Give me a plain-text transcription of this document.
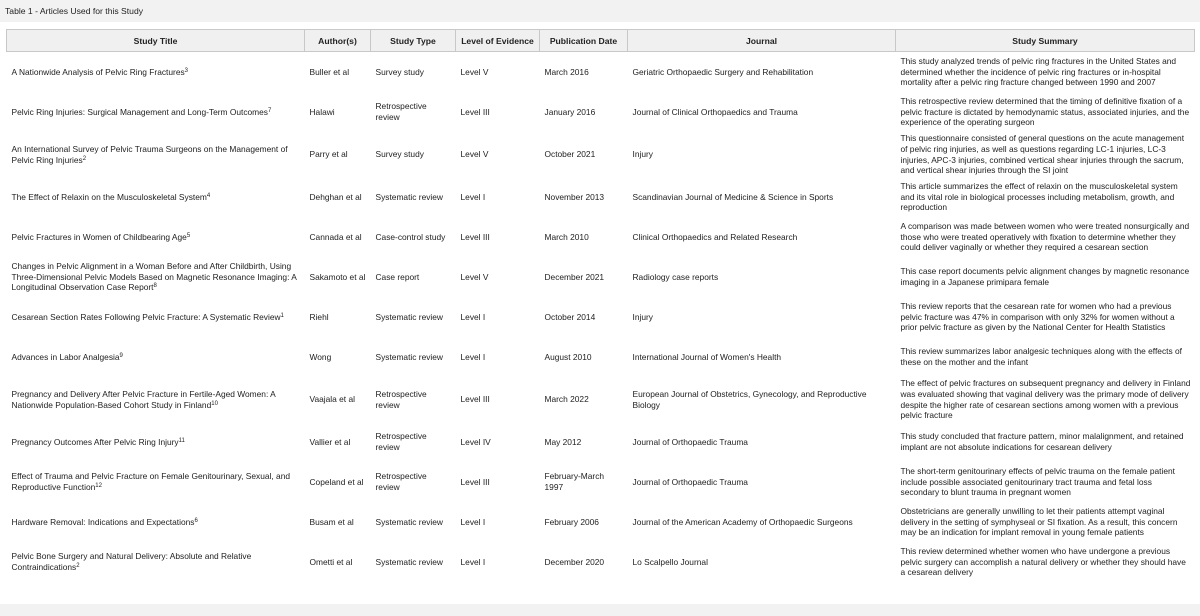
Table 1 - Articles Used for this Study
Study Title	Author(s)	Study Type	Level of Evidence	Publication Date	Journal	Study Summary
A Nationwide Analysis of Pelvic Ring Fractures$^3$	Buller et al	Survey study	Level V	March 2016	Geriatric Orthopaedic Surgery and Rehabilitation	This study analyzed trends of pelvic ring fractures in the United States and determined whether the incidence of pelvic ring fractures or in-hospital mortality after a pelvic ring fracture changed between 1990 and 2007
Pelvic Ring Injuries: Surgical Management and Long-Term Outcomes$^7$	Halawi	Retrospective review	Level III	January 2016	Journal of Clinical Orthopaedics and Trauma	This retrospective review determined that the timing of definitive fixation of a pelvic fracture is dictated by hemodynamic status, associated injuries, and the experience of the operating surgeon
An International Survey of Pelvic Trauma Surgeons on the Management of Pelvic Ring Injuries$^2$	Parry et al	Survey study	Level V	October 2021	Injury	This questionnaire consisted of general questions on the acute management of pelvic ring injuries, as well as questions regarding LC-1 injuries, LC-3 injuries, APC-3 injuries, combined vertical shear injuries through the sacrum, and vertical shear injuries through the SI joint
The Effect of Relaxin on the Musculoskeletal System$^4$	Dehghan et al	Systematic review	Level I	November 2013	Scandinavian Journal of Medicine & Science in Sports	This article summarizes the effect of relaxin on the musculoskeletal system and its vital role in biological processes including metabolism, growth, and reproduction
Pelvic Fractures in Women of Childbearing Age$^5$	Cannada et al	Case-control study	Level III	March 2010	Clinical Orthopaedics and Related Research	A comparison was made between women who were treated nonsurgically and those who were treated operatively with fixation to determine whether they could deliver vaginally or whether they required a cesarean section
Changes in Pelvic Alignment in a Woman Before and After Childbirth, Using Three-Dimensional Pelvic Models Based on Magnetic Resonance Imaging: A Longitudinal Observation Case Report$^8$	Sakamoto et al	Case report	Level V	December 2021	Radiology case reports	This case report documents pelvic alignment changes by magnetic resonance imaging in a Japanese primipara female
Cesarean Section Rates Following Pelvic Fracture: A Systematic Review$^1$	Riehl	Systematic review	Level I	October 2014	Injury	This review reports that the cesarean rate for women who had a previous pelvic fracture was 47% in comparison with only 32% for women without a prior pelvic fracture as given by the National Center for Health Statistics
Advances in Labor Analgesia$^9$	Wong	Systematic review	Level I	August 2010	International Journal of Women's Health	This review summarizes labor analgesic techniques along with the effects of these on the mother and the infant
Pregnancy and Delivery After Pelvic Fracture in Fertile-Aged Women: A Nationwide Population-Based Cohort Study in Finland$^{10}$	Vaajala et al	Retrospective review	Level III	March 2022	European Journal of Obstetrics, Gynecology, and Reproductive Biology	The effect of pelvic fractures on subsequent pregnancy and delivery in Finland was evaluated showing that vaginal delivery was the primary mode of delivery despite the higher rate of cesarean sections among women with a previous pelvic fracture
Pregnancy Outcomes After Pelvic Ring Injury$^{11}$	Vallier et al	Retrospective review	Level IV	May 2012	Journal of Orthopaedic Trauma	This study concluded that fracture pattern, minor malalignment, and retained implant are not absolute indications for cesarean delivery
Effect of Trauma and Pelvic Fracture on Female Genitourinary, Sexual, and Reproductive Function$^{12}$	Copeland et al	Retrospective review	Level III	February-March 1997	Journal of Orthopaedic Trauma	The short-term genitourinary effects of pelvic trauma on the female patient include possible associated genitourinary tract trauma and fetal loss secondary to blunt trauma in pregnant women
Hardware Removal: Indications and Expectations$^6$	Busam et al	Systematic review	Level I	February 2006	Journal of the American Academy of Orthopaedic Surgeons	Obstetricians are generally unwilling to let their patients attempt vaginal delivery in the setting of symphyseal or SI fixation. As a result, this concern may be an indication for implant removal in young female patients
Pelvic Bone Surgery and Natural Delivery: Absolute and Relative Contraindications$^2$	Ometti et al	Systematic review	Level I	December 2020	Lo Scalpello Journal	This review determined whether women who have undergone a previous pelvic surgery can accomplish a natural delivery or whether they should have a cesarean delivery
